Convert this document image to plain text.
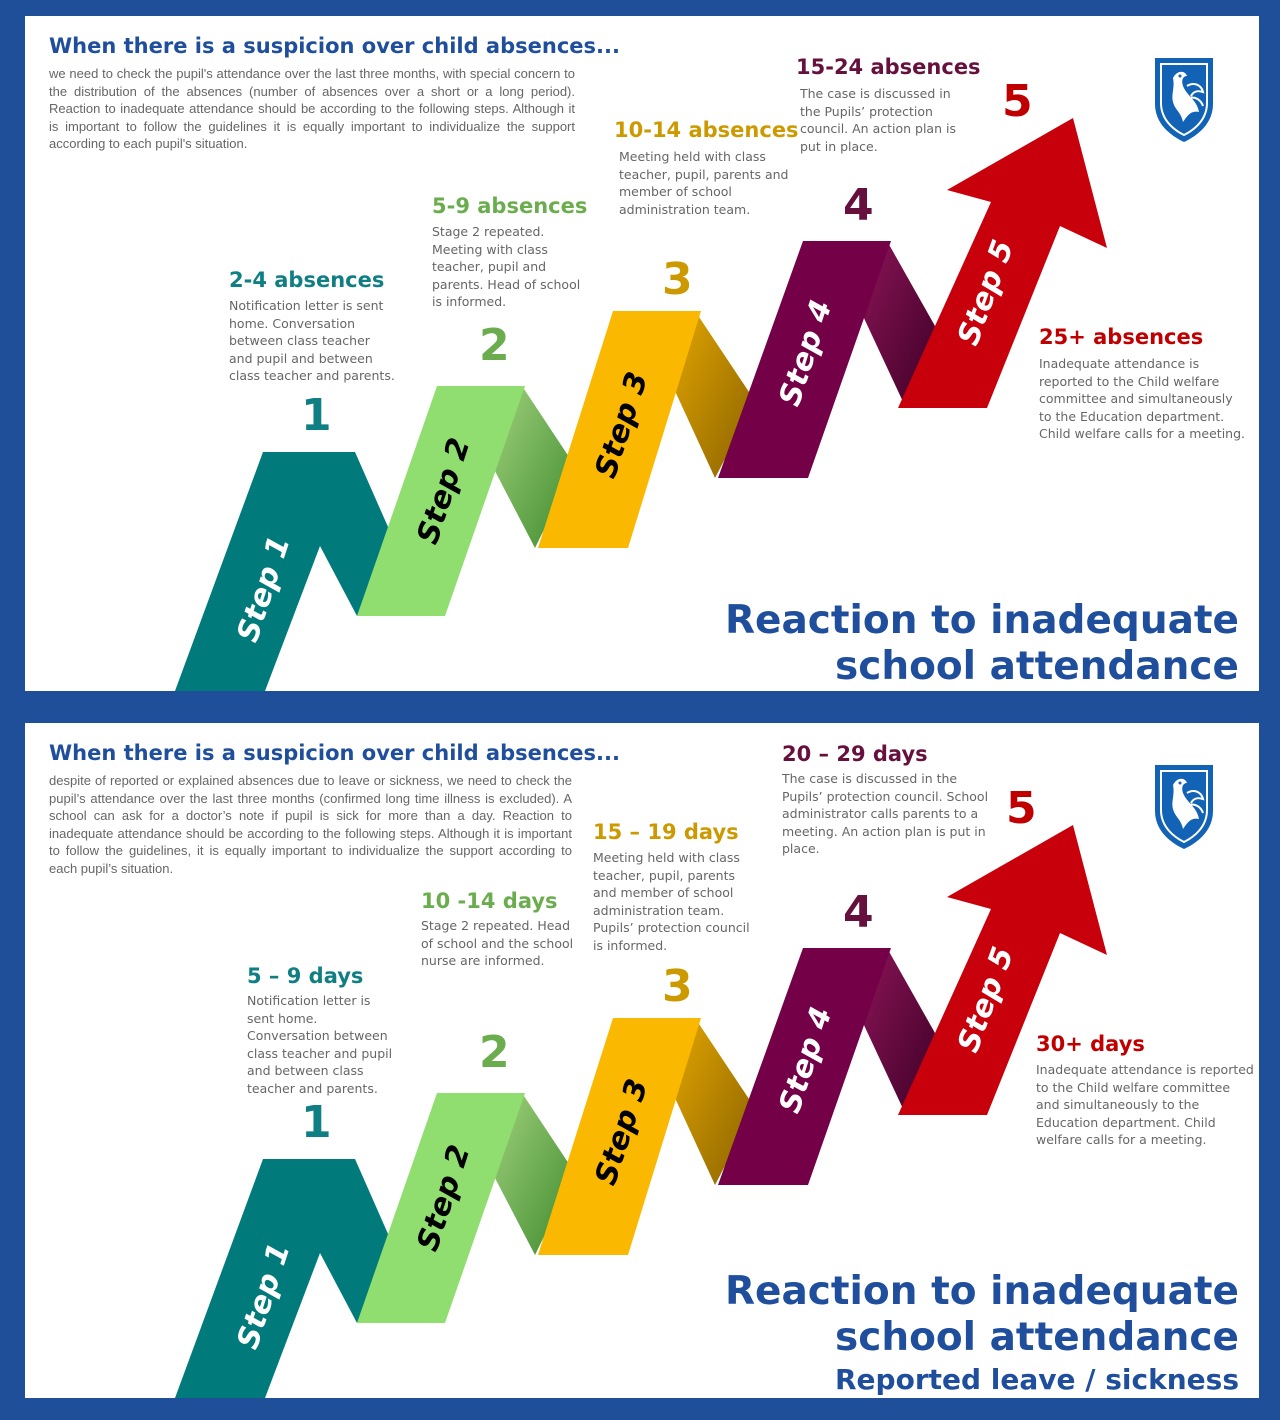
When there is a suspicion over child absences...
we need to check the pupil's attendance over the last three months, with special concern to the distribution of the absences (number of absences over a short or a long period). Reaction to inadequate attendance should be according to the following steps. Although it is important to follow the guidelines it is equally important to individualize the support according to each pupil's situation.
Step 1
Step 2
Step 3
Step 4
Step 5
1
2
3
4
5
2-4 absences
Notification letter is sent home. Conversation between class teacher and pupil and between class teacher and parents.
5-9 absences
Stage 2 repeated. Meeting with class teacher, pupil and parents. Head of school is informed.
10-14 absences
Meeting held with class teacher, pupil, parents and member of school administration team.
15-24 absences
The case is discussed in the Pupils’ protection council. An action plan is put in place.
25+ absences
Inadequate attendance is reported to the Child welfare committee and simultaneously to the Education department. Child welfare calls for a meeting.
Reaction to inadequate
school attendance
When there is a suspicion over child absences...
despite of reported or explained absences due to leave or sickness, we need to check the pupil’s attendance over the last three months (confirmed long time illness is excluded). A school can ask for a doctor’s note if pupil is sick for more than a day. Reaction to inadequate attendance should be according to the following steps. Although it is important to follow the guidelines, it is equally important to individualize the support according to each pupil’s situation.
Step 1
Step 2
Step 3
Step 4
Step 5
1
2
3
4
5
5 – 9 days
Notification letter is sent home. Conversation between class teacher and pupil and between class teacher and parents.
10 -14 days
Stage 2 repeated. Head of school and the school nurse are informed.
15 – 19 days
Meeting held with class teacher, pupil, parents and member of school administration team. Pupils’ protection council is informed.
20 – 29 days
The case is discussed in the Pupils’ protection council. School administrator calls parents to a meeting. An action plan is put in place.
30+ days
Inadequate attendance is reported to the Child welfare committee and simultaneously to the Education department. Child welfare calls for a meeting.
Reaction to inadequate
school attendance
Reported leave / sickness
